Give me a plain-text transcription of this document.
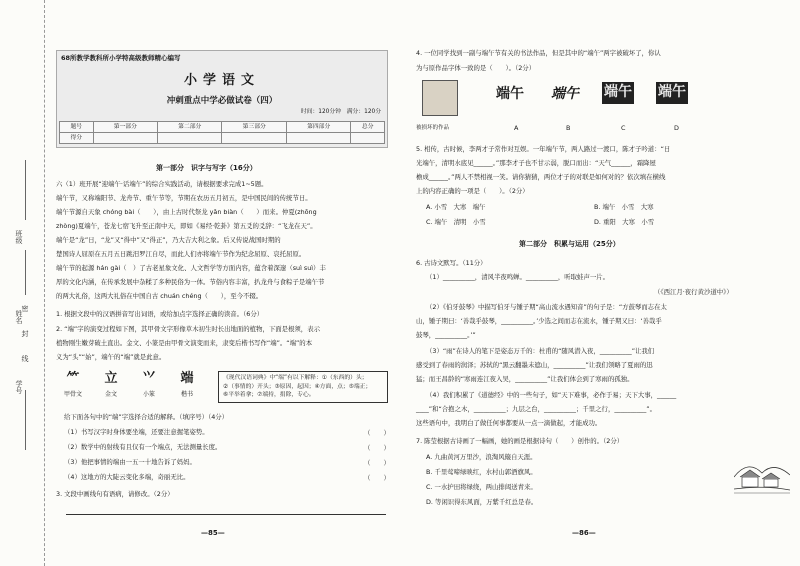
班级
密
封
线
姓名
学号
68所教学教科所小学特高级教师精心编写
小学语文
冲刺重点中学必做试卷（四）
时间：120分钟　满分：120分
题号	第一部分	第二部分	第三部分	第四部分	总分
得分					
第一部分　识字与写字（16分）
六（1）班开展“迎端午·话端午”的综合实践活动，请根据要求完成1~5题。
端午节，又称端阳节、龙舟节、重午节等，节期在农历五月初五，是中国民间的传统节日。
端午节源自天象 chóng bài（　　），由上古时代祭龙 yǎn biàn（　　）而来。仲夏(zhōng
zhòng)夏端午，苍龙七宿飞升至正南中天，即如《易经·乾卦》第五爻的爻辞：“飞龙在天”。
端午是“龙”日，“龙”又“得中”又“得正”，乃大吉大利之象。后又传说战国时期的
楚国诗人屈原在五月五日跳汨罗江自尽，而此人们亦将端午节作为纪念屈原、哀托屈原。
端午节的起源 hán gài（　）了古老星象文化、人文哲学等方面内容，蕴含着深邃（suì suì）丰
厚的文化内涵，在传承发展中杂糅了多种民俗为一体。节俗内容丰富，扒龙舟与食粽子是端午节
的两大礼俗，这两大礼俗在中国自古 chuán chéng（　　），至今不辍。
1. 根据文段中的汉语拼音写出词语，或给加点字选择正确的读音。（6分）
2. “端”字的演变过程如下图，其甲骨文字形像草木初生时长出地面的植物，下面是根须，表示
植物刚生嫩芽破土直出。金文、小篆是由甲骨文演变而来，隶变后楷书写作“端”。“端”的本
义为“头”“始”，端午的“端”就是此意。
⺮ ⽴ ⺍ 端
甲骨文	金文	小篆	楷书
《现代汉语词典》中“端”有以下解释：①（东西的）头；
②（事情的）开头；③原因，起因；④方面，点；⑤端正；
⑥平举着拿；⑦端持，捐除，专心。
给下面各句中的“端”字选择合适的解释。（填序号）（4分）
（1）书写汉字时身体要坐端，还要注意握笔姿势。	（　　）
（2）数学中的射线有且仅有一个端点，无法测量长度。	（　　）
（3）他把事情的端由一五一十地告诉了妈妈。	（　　）
（4）这地方的大陡云变化多端，奇丽无比。	（　　）
3. 文段中画线句有语病，请修改。（2分）
—85—
4. 一位同学找到一副与端午节有关的书法作品，但是其中的“端午”两字被破坏了，你认
为与原作品字体一致的是（　　）。（2分）
端午 端午 端午 端午
被损坏的作品	A	B	C	D
5. 相传，古时候，李两才子常作对互娱。一年端午节，两人路过一渡口，陈才子吟道：“日
光端午，清明水底见______。”那李才子也不甘示弱，脱口而出：“天气______，霜降屋
檐成______。”两人不禁相视一笑。请你猜猜，两位才子的对联是如何对的？依次填在横线
上的内容正确的一项是（　　）。（2分）
A. 小雪　大寒　端午	B. 端午　小雪　大寒
C. 端午　清明　小雪	D. 重阳　大寒　小雪
第二部分　积累与运用（25分）
6. 古诗文默写。（11分）
（1）__________，清风半夜鸣蝉。__________，听取蛙声一片。
（《西江月·夜行黄沙道中》）
（2）《伯牙鼓琴》中描写伯牙与锺子期“高山流水遇知音”的句子是：“方鼓琴而志在太
山，锺子期曰：‘善哉乎鼓琴，__________。’少选之间而志在流水，锺子期又曰：‘善哉乎
鼓琴，__________。’”
（3）“雨”在诗人的笔下是姿态万千的：杜甫的“随风潜入夜，__________”让我们
感受到了春雨的润泽；苏轼的“黑云翻墨未遮山，__________”让我们领略了夏雨的迅
猛；而王昌龄的“寒雨连江夜入吴，__________”让我们体会到了寒雨的孤独。
（4）我们积累了《道德经》中的一些句子，如“天下难事，必作于易；天下大事，______
____”和“合抱之木，__________；九层之台，__________；千里之行，__________”。
这些语句中，我明白了做任何事都要从一点一滴做起，才能成功。
7. 陈莹根据古诗画了一幅画，她的画是根据诗句（　　）创作的。（2分）
A. 九曲黄河万里沙，浪淘风簸自天涯。
B. 千里莺啼绿映红，水村山郭酒旗风。
C. 一水护田将绿绕，两山排闼送青来。
D. 等闲识得东风面，万紫千红总是春。
—86—
